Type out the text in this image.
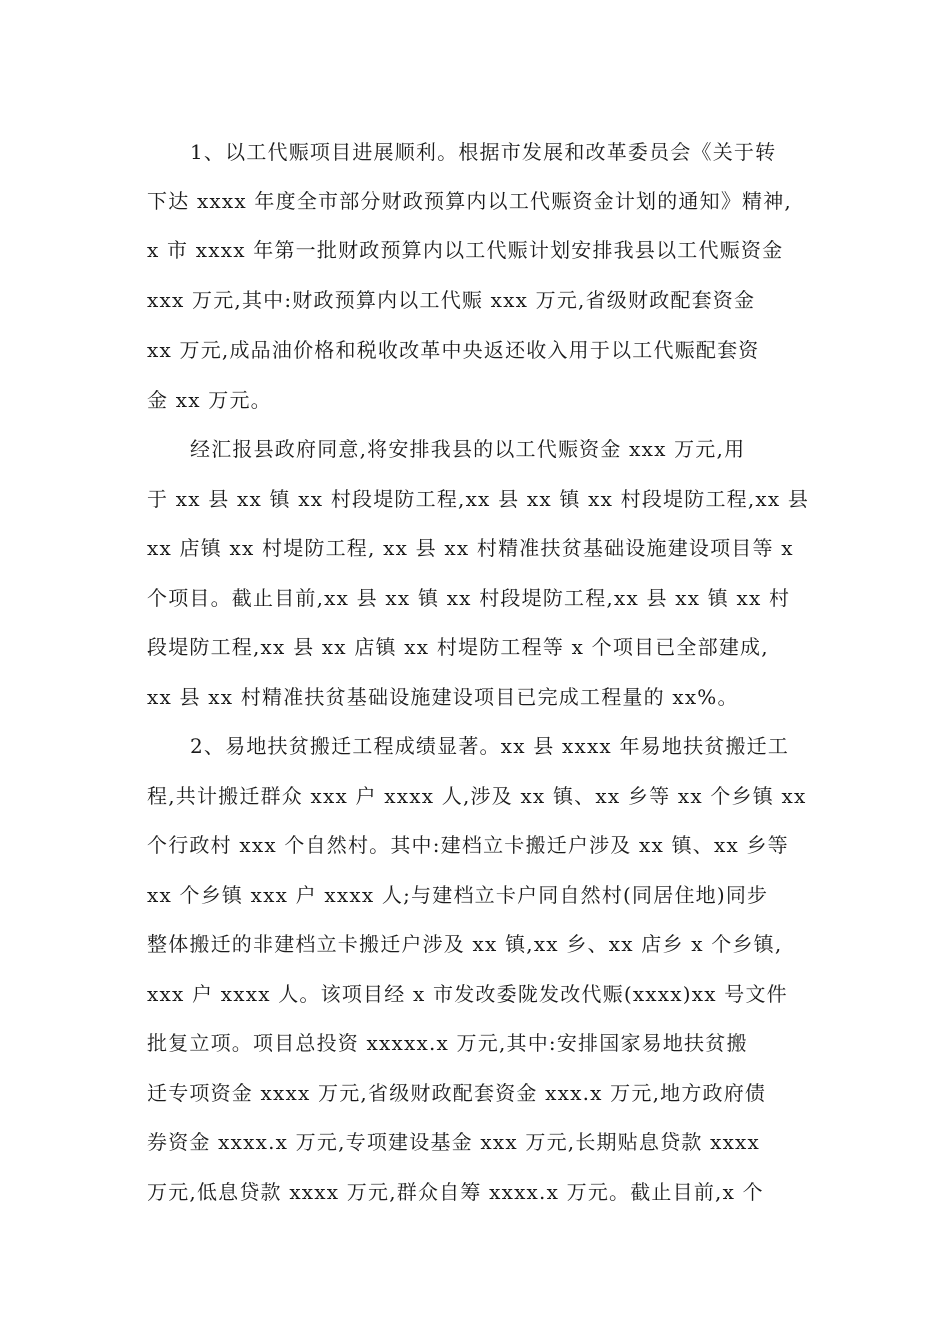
1、以工代赈项目进展顺利。根据市发展和改革委员会《关于转
下达 xxxx 年度全市部分财政预算内以工代赈资金计划的通知》精神,
x 市 xxxx 年第一批财政预算内以工代赈计划安排我县以工代赈资金
xxx 万元,其中:财政预算内以工代赈 xxx 万元,省级财政配套资金
xx 万元,成品油价格和税收改革中央返还收入用于以工代赈配套资
金 xx 万元。
经汇报县政府同意,将安排我县的以工代赈资金 xxx 万元,用
于 xx 县 xx 镇 xx 村段堤防工程,xx 县 xx 镇 xx 村段堤防工程,xx 县
xx 店镇 xx 村堤防工程, xx 县 xx 村精准扶贫基础设施建设项目等 x
个项目。截止目前,xx 县 xx 镇 xx 村段堤防工程,xx 县 xx 镇 xx 村
段堤防工程,xx 县 xx 店镇 xx 村堤防工程等 x 个项目已全部建成,
xx 县 xx 村精准扶贫基础设施建设项目已完成工程量的 xx%。
2、易地扶贫搬迁工程成绩显著。xx 县 xxxx 年易地扶贫搬迁工
程,共计搬迁群众 xxx 户 xxxx 人,涉及 xx 镇、xx 乡等 xx 个乡镇 xx
个行政村 xxx 个自然村。其中:建档立卡搬迁户涉及 xx 镇、xx 乡等
xx 个乡镇 xxx 户 xxxx 人;与建档立卡户同自然村(同居住地)同步
整体搬迁的非建档立卡搬迁户涉及 xx 镇,xx 乡、xx 店乡 x 个乡镇,
xxx 户 xxxx 人。该项目经 x 市发改委陇发改代赈(xxxx)xx 号文件
批复立项。项目总投资 xxxxx.x 万元,其中:安排国家易地扶贫搬
迁专项资金 xxxx 万元,省级财政配套资金 xxx.x 万元,地方政府债
券资金 xxxx.x 万元,专项建设基金 xxx 万元,长期贴息贷款 xxxx
万元,低息贷款 xxxx 万元,群众自筹 xxxx.x 万元。截止目前,x 个
